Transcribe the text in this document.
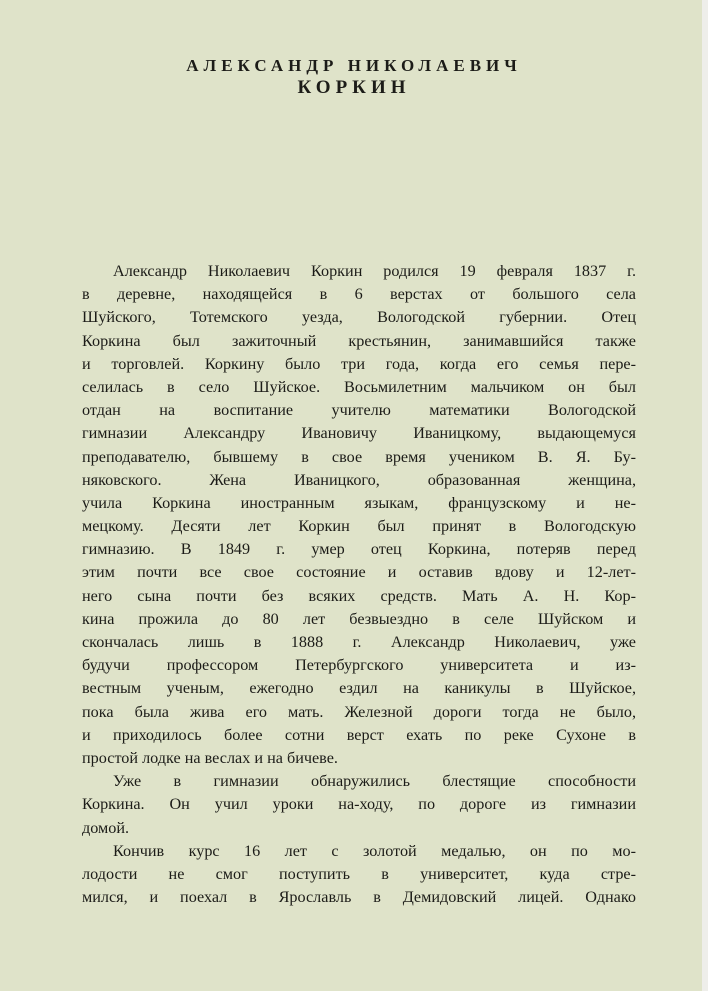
АЛЕКСАНДР НИКОЛАЕВИЧ
КОРКИН
Александр Николаевич Коркин родился 19 февраля 1837 г.
в деревне, находящейся в 6 верстах от большого села
Шуйского, Тотемского уезда, Вологодской губернии. Отец
Коркина был зажиточный крестьянин, занимавшийся также
и торговлей. Коркину было три года, когда его семья пере-
селилась в село Шуйское. Восьмилетним мальчиком он был
отдан на воспитание учителю математики Вологодской
гимназии Александру Ивановичу Иваницкому, выдающемуся
преподавателю, бывшему в свое время учеником В. Я. Бу-
няковского. Жена Иваницкого, образованная женщина,
учила Коркина иностранным языкам, французскому и не-
мецкому. Десяти лет Коркин был принят в Вологодскую
гимназию. В 1849 г. умер отец Коркина, потеряв перед
этим почти все свое состояние и оставив вдову и 12-лет-
него сына почти без всяких средств. Мать А. Н. Кор-
кина прожила до 80 лет безвыездно в селе Шуйском и
скончалась лишь в 1888 г. Александр Николаевич, уже
будучи профессором Петербургского университета и из-
вестным ученым, ежегодно ездил на каникулы в Шуйское,
пока была жива его мать. Железной дороги тогда не было,
и приходилось более сотни верст ехать по реке Сухоне в
простой лодке на веслах и на бичеве.
Уже в гимназии обнаружились блестящие способности
Коркина. Он учил уроки на-ходу, по дороге из гимназии
домой.
Кончив курс 16 лет с золотой медалью, он по мо-
лодости не смог поступить в университет, куда стре-
мился, и поехал в Ярославль в Демидовский лицей. Однако
